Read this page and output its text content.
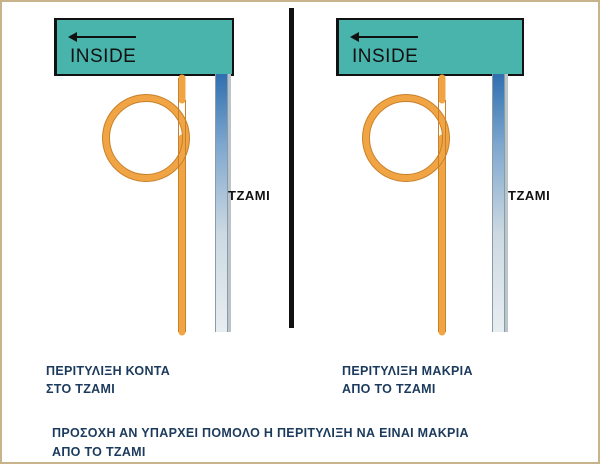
INSIDE
TZAMI
INSIDE
TZAMI
ΠΕΡΙΤΥΛΙΞΗ ΚΟΝΤΑ
ΣΤΟ ΤΖΑΜΙ
ΠΕΡΙΤΥΛΙΞΗ ΜΑΚΡΙΑ
ΑΠΟ ΤΟ ΤΖΑΜΙ
ΠΡΟΣΟΧΗ ΑΝ ΥΠΑΡΧΕΙ ΠΟΜΟΛΟ Η ΠΕΡΙΤΥΛΙΞΗ ΝΑ ΕΙΝΑΙ ΜΑΚΡΙΑ
ΑΠΟ ΤΟ ΤΖΑΜΙ
